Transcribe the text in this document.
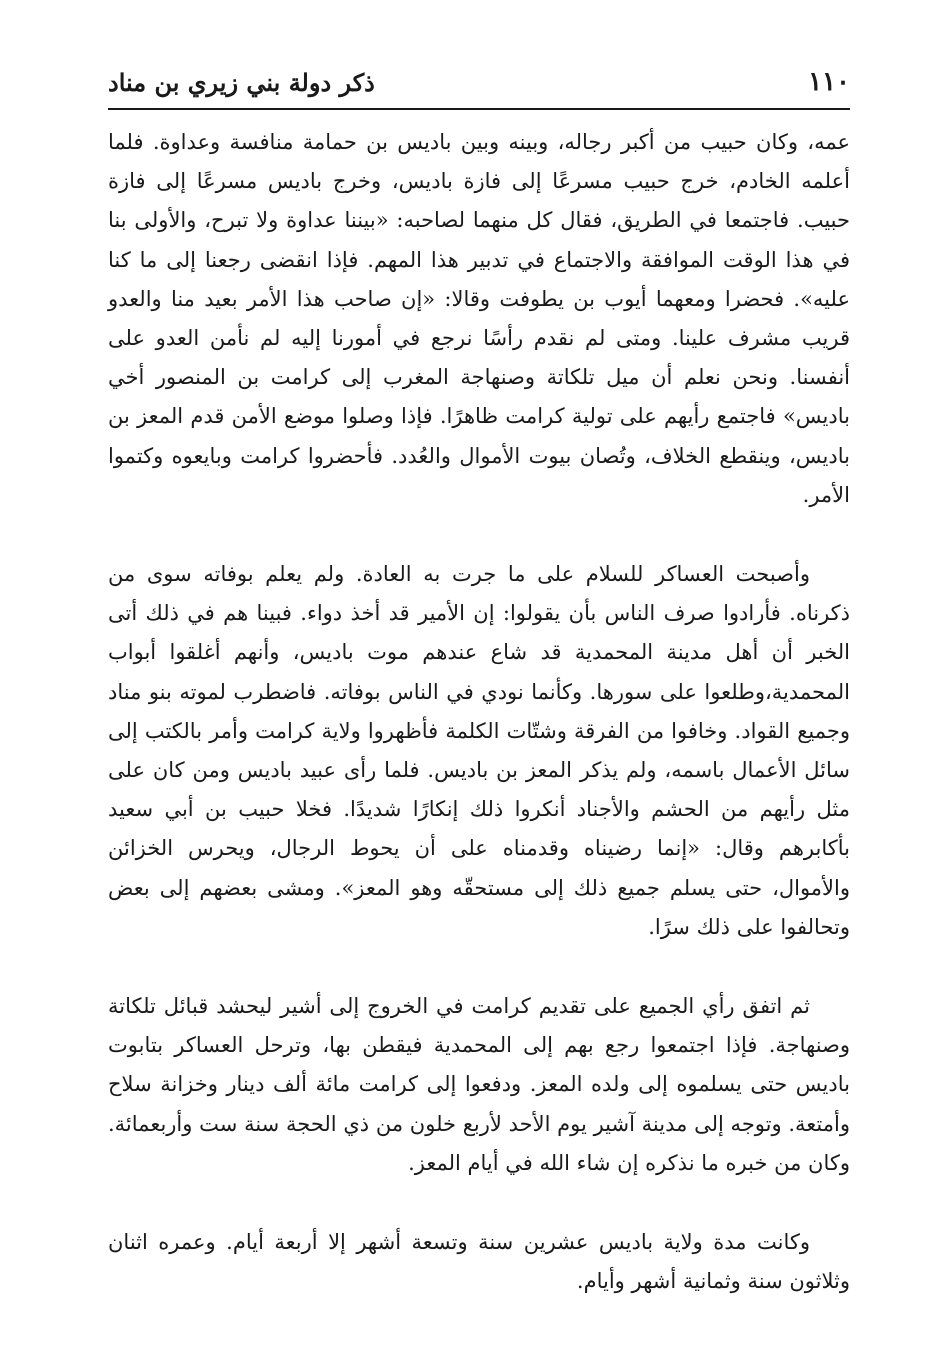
١١٠
ذكر دولة بني زيري بن مناد

عمه، وكان حبيب من أكبر رجاله، وبينه وبين باديس بن حمامة منافسة وعداوة. فلما أعلمه الخادم، خرج حبيب مسرعًا إلى فازة باديس، وخرج باديس مسرعًا إلى فازة حبيب. فاجتمعا في الطريق، فقال كل منهما لصاحبه: «بيننا عداوة ولا تبرح، والأولى بنا في هذا الوقت الموافقة والاجتماع في تدبير هذا المهم. فإذا انقضى رجعنا إلى ما كنا عليه». فحضرا ومعهما أيوب بن يطوفت وقالا: «إن صاحب هذا الأمر بعيد منا والعدو قريب مشرف علينا. ومتى لم نقدم رأسًا نرجع في أمورنا إليه لم نأمن العدو على أنفسنا. ونحن نعلم أن ميل تلكاتة وصنهاجة المغرب إلى كرامت بن المنصور أخي باديس» فاجتمع رأيهم على تولية كرامت ظاهرًا. فإذا وصلوا موضع الأمن قدم المعز بن باديس، وينقطع الخلاف، وتُصان بيوت الأموال والعُدد. فأحضروا كرامت وبايعوه وكتموا الأمر.

وأصبحت العساكر للسلام على ما جرت به العادة. ولم يعلم بوفاته سوى من ذكرناه. فأرادوا صرف الناس بأن يقولوا: إن الأمير قد أخذ دواء. فبينا هم في ذلك أتى الخبر أن أهل مدينة المحمدية قد شاع عندهم موت باديس، وأنهم أغلقوا أبواب المحمدية،وطلعوا على سورها. وكأنما نودي في الناس بوفاته. فاضطرب لموته بنو مناد وجميع القواد. وخافوا من الفرقة وشتّات الكلمة فأظهروا ولاية كرامت وأمر بالكتب إلى سائل الأعمال باسمه، ولم يذكر المعز بن باديس. فلما رأى عبيد باديس ومن كان على مثل رأيهم من الحشم والأجناد أنكروا ذلك إنكارًا شديدًا. فخلا حبيب بن أبي سعيد بأكابرهم وقال: «إنما رضيناه وقدمناه على أن يحوط الرجال، ويحرس الخزائن والأموال، حتى يسلم جميع ذلك إلى مستحقّه وهو المعز». ومشى بعضهم إلى بعض وتحالفوا على ذلك سرًا.

ثم اتفق رأي الجميع على تقديم كرامت في الخروج إلى أشير ليحشد قبائل تلكاتة وصنهاجة. فإذا اجتمعوا رجع بهم إلى المحمدية فيقطن بها، وترحل العساكر بتابوت باديس حتى يسلموه إلى ولده المعز. ودفعوا إلى كرامت مائة ألف دينار وخزانة سلاح وأمتعة. وتوجه إلى مدينة آشير يوم الأحد لأربع خلون من ذي الحجة سنة ست وأربعمائة. وكان من خبره ما نذكره إن شاء الله في أيام المعز.

وكانت مدة ولاية باديس عشرين سنة وتسعة أشهر إلا أربعة أيام. وعمره اثنان وثلاثون سنة وثمانية أشهر وأيام.
